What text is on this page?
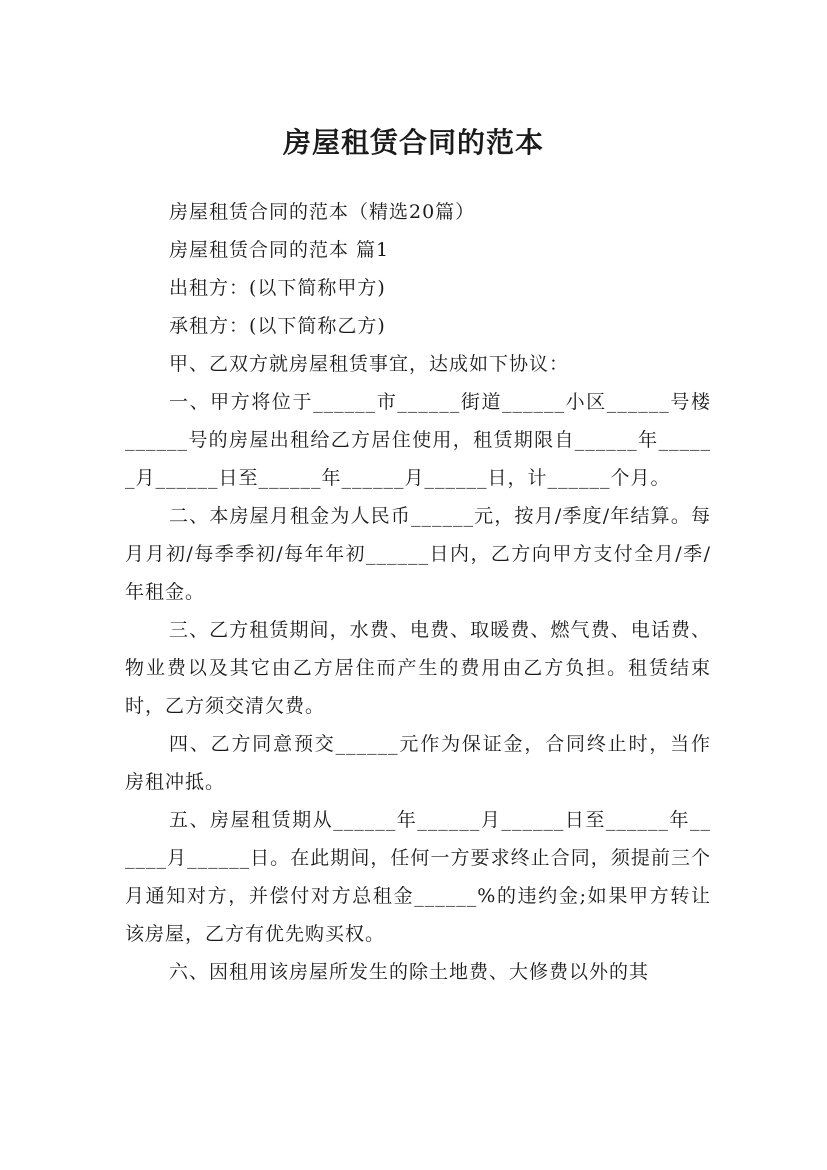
房屋租赁合同的范本

房屋租赁合同的范本（精选20篇）

房屋租赁合同的范本 篇1

出租方：(以下简称甲方)

承租方：(以下简称乙方)

甲、乙双方就房屋租赁事宜，达成如下协议：

一、甲方将位于______市______街道______小区______号楼______号的房屋出租给乙方居住使用，租赁期限自______年______月______日至______年______月______日，计______个月。

二、本房屋月租金为人民币______元，按月/季度/年结算。每月月初/每季季初/每年年初______日内，乙方向甲方支付全月/季/年租金。

三、乙方租赁期间，水费、电费、取暖费、燃气费、电话费、物业费以及其它由乙方居住而产生的费用由乙方负担。租赁结束时，乙方须交清欠费。

四、乙方同意预交______元作为保证金，合同终止时，当作房租冲抵。

五、房屋租赁期从______年______月______日至______年______月______日。在此期间，任何一方要求终止合同，须提前三个月通知对方，并偿付对方总租金______%的违约金;如果甲方转让该房屋，乙方有优先购买权。

六、因租用该房屋所发生的除土地费、大修费以外的其
